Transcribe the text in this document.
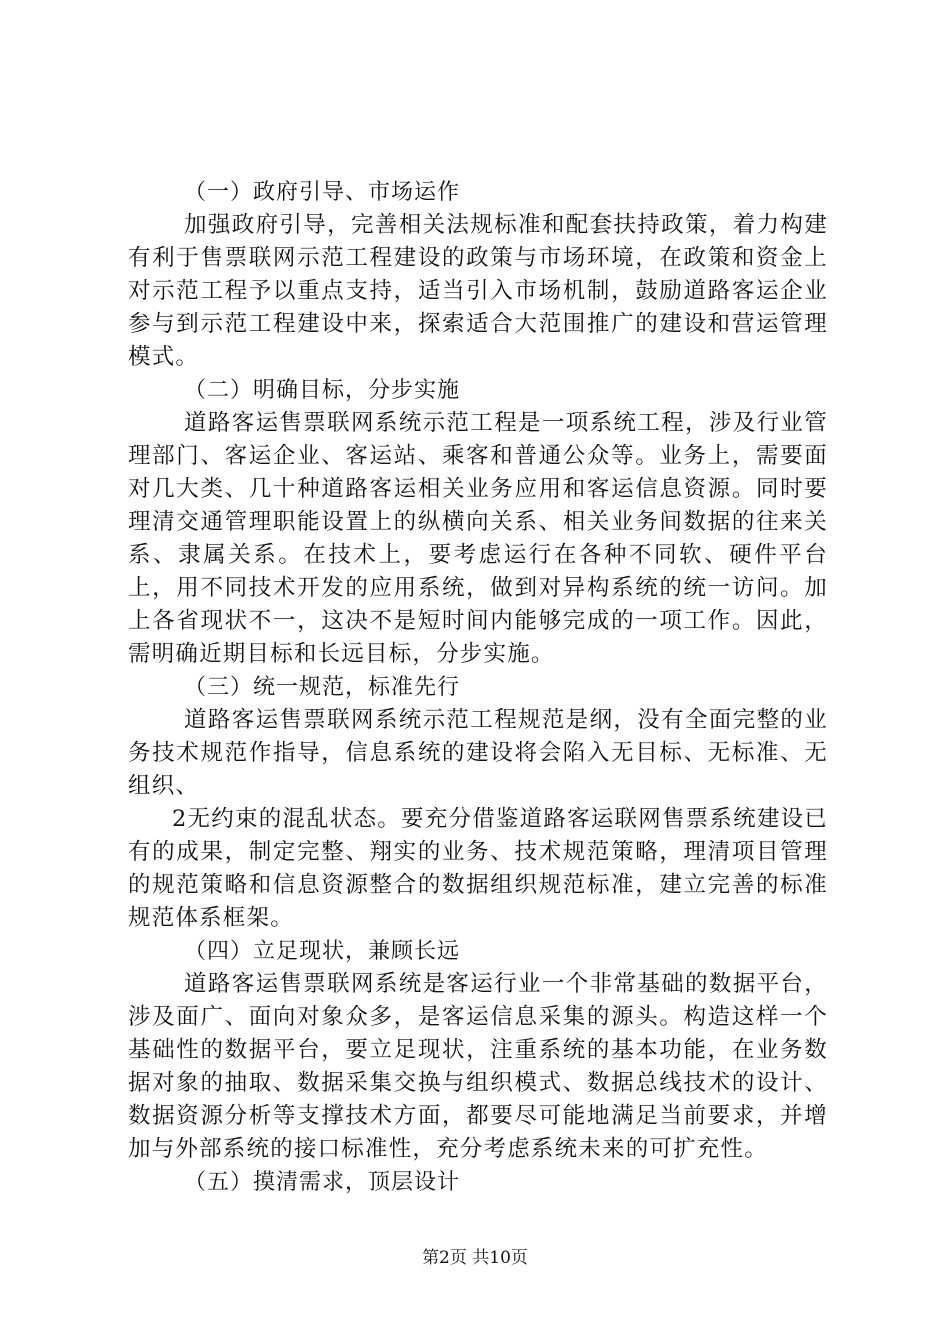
（一）政府引导、市场运作

加强政府引导，完善相关法规标准和配套扶持政策，着力构建有利于售票联网示范工程建设的政策与市场环境，在政策和资金上对示范工程予以重点支持，适当引入市场机制，鼓励道路客运企业参与到示范工程建设中来，探索适合大范围推广的建设和营运管理模式。

（二）明确目标，分步实施

道路客运售票联网系统示范工程是一项系统工程，涉及行业管理部门、客运企业、客运站、乘客和普通公众等。业务上，需要面对几大类、几十种道路客运相关业务应用和客运信息资源。同时要理清交通管理职能设置上的纵横向关系、相关业务间数据的往来关系、隶属关系。在技术上，要考虑运行在各种不同软、硬件平台上，用不同技术开发的应用系统，做到对异构系统的统一访问。加上各省现状不一，这决不是短时间内能够完成的一项工作。因此，需明确近期目标和长远目标，分步实施。

（三）统一规范，标准先行

道路客运售票联网系统示范工程规范是纲，没有全面完整的业务技术规范作指导，信息系统的建设将会陷入无目标、无标准、无组织、

2无约束的混乱状态。要充分借鉴道路客运联网售票系统建设已有的成果，制定完整、翔实的业务、技术规范策略，理清项目管理的规范策略和信息资源整合的数据组织规范标准，建立完善的标准规范体系框架。

（四）立足现状，兼顾长远

道路客运售票联网系统是客运行业一个非常基础的数据平台，涉及面广、面向对象众多，是客运信息采集的源头。构造这样一个基础性的数据平台，要立足现状，注重系统的基本功能，在业务数据对象的抽取、数据采集交换与组织模式、数据总线技术的设计、数据资源分析等支撑技术方面，都要尽可能地满足当前要求，并增加与外部系统的接口标准性，充分考虑系统未来的可扩充性。

（五）摸清需求，顶层设计

第2页 共10页
